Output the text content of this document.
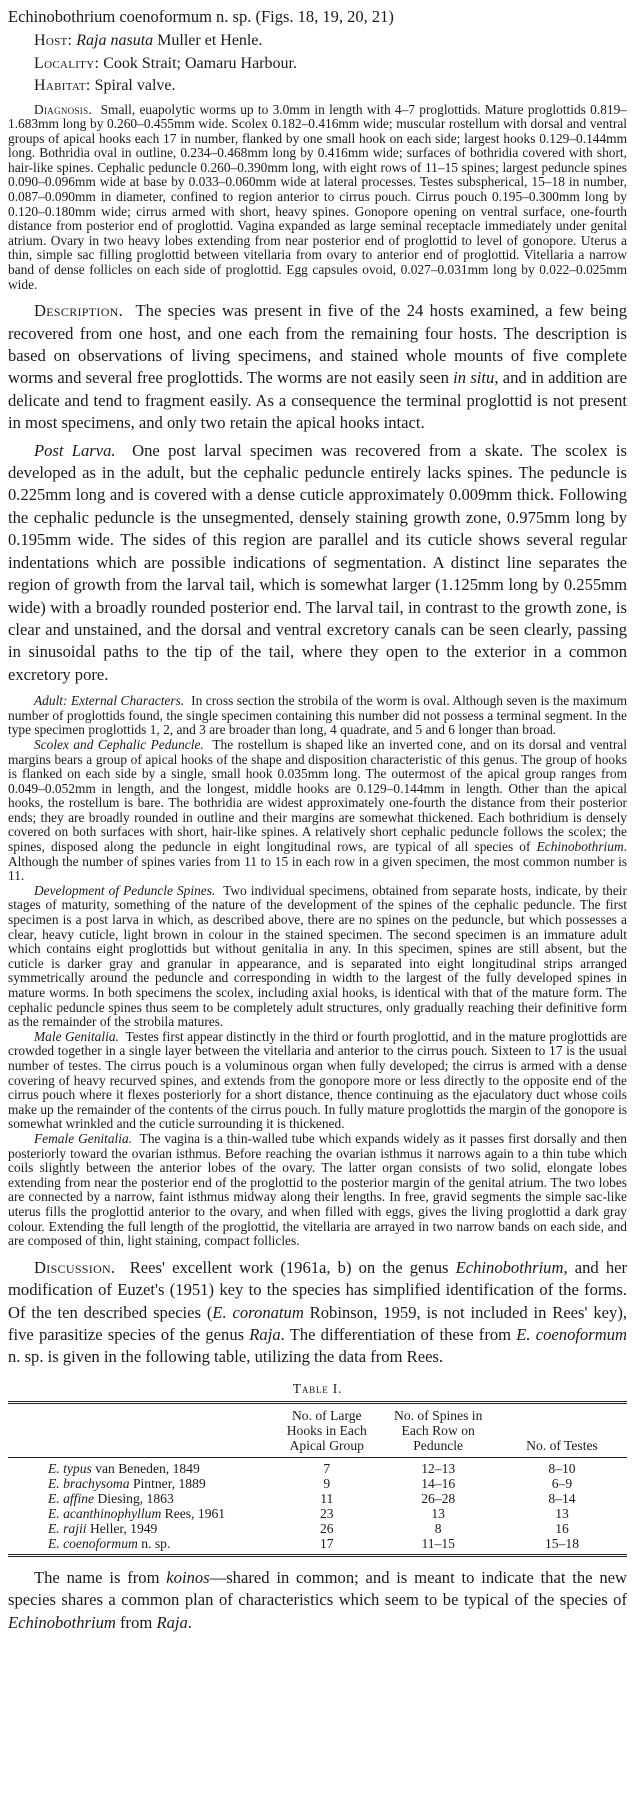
Echinobothrium coenoformum n. sp. (Figs. 18, 19, 20, 21)
Host: Raja nasuta Muller et Henle.
Locality: Cook Strait; Oamaru Harbour.
Habitat: Spiral valve.

Diagnosis. Small, euapolytic worms up to 3.0mm in length with 4–7 proglottids. Mature proglottids 0.819–1.683mm long by 0.260–0.455mm wide. Scolex 0.182–0.416mm wide; muscular rostellum with dorsal and ventral groups of apical hooks each 17 in number, flanked by one small hook on each side; largest hooks 0.129–0.144mm long. Bothridia oval in outline, 0.234–0.468mm long by 0.416mm wide; surfaces of bothridia covered with short, hair-like spines. Cephalic peduncle 0.260–0.390mm long, with eight rows of 11–15 spines; largest peduncle spines 0.090–0.096mm wide at base by 0.033–0.060mm wide at lateral processes. Testes subspherical, 15–18 in number, 0.087–0.090mm in diameter, confined to region anterior to cirrus pouch. Cirrus pouch 0.195–0.300mm long by 0.120–0.180mm wide; cirrus armed with short, heavy spines. Gonopore opening on ventral surface, one-fourth distance from posterior end of proglottid. Vagina expanded as large seminal receptacle immediately under genital atrium. Ovary in two heavy lobes extending from near posterior end of proglottid to level of gonopore. Uterus a thin, simple sac filling proglottid between vitellaria from ovary to anterior end of proglottid. Vitellaria a narrow band of dense follicles on each side of proglottid. Egg capsules ovoid, 0.027–0.031mm long by 0.022–0.025mm wide.

Description. The species was present in five of the 24 hosts examined, a few being recovered from one host, and one each from the remaining four hosts. The description is based on observations of living specimens, and stained whole mounts of five complete worms and several free proglottids. The worms are not easily seen in situ, and in addition are delicate and tend to fragment easily. As a consequence the terminal proglottid is not present in most specimens, and only two retain the apical hooks intact.

Post Larva. One post larval specimen was recovered from a skate. The scolex is developed as in the adult, but the cephalic peduncle entirely lacks spines. The peduncle is 0.225mm long and is covered with a dense cuticle approximately 0.009mm thick. Following the cephalic peduncle is the unsegmented, densely staining growth zone, 0.975mm long by 0.195mm wide. The sides of this region are parallel and its cuticle shows several regular indentations which are possible indications of segmentation. A distinct line separates the region of growth from the larval tail, which is somewhat larger (1.125mm long by 0.255mm wide) with a broadly rounded posterior end. The larval tail, in contrast to the growth zone, is clear and unstained, and the dorsal and ventral excretory canals can be seen clearly, passing in sinusoidal paths to the tip of the tail, where they open to the exterior in a common excretory pore.

Adult: External Characters. In cross section the strobila of the worm is oval. Although seven is the maximum number of proglottids found, the single specimen containing this number did not possess a terminal segment. In the type specimen proglottids 1, 2, and 3 are broader than long, 4 quadrate, and 5 and 6 longer than broad.

Scolex and Cephalic Peduncle. The rostellum is shaped like an inverted cone, and on its dorsal and ventral margins bears a group of apical hooks of the shape and disposition characteristic of this genus. The group of hooks is flanked on each side by a single, small hook 0.035mm long. The outermost of the apical group ranges from 0.049–0.052mm in length, and the longest, middle hooks are 0.129–0.144mm in length. Other than the apical hooks, the rostellum is bare. The bothridia are widest approximately one-fourth the distance from their posterior ends; they are broadly rounded in outline and their margins are somewhat thickened. Each bothridium is densely covered on both surfaces with short, hair-like spines. A relatively short cephalic peduncle follows the scolex; the spines, disposed along the peduncle in eight longitudinal rows, are typical of all species of Echinobothrium. Although the number of spines varies from 11 to 15 in each row in a given specimen, the most common number is 11.

Development of Peduncle Spines. Two individual specimens, obtained from separate hosts, indicate, by their stages of maturity, something of the nature of the development of the spines of the cephalic peduncle. The first specimen is a post larva in which, as described above, there are no spines on the peduncle, but which possesses a clear, heavy cuticle, light brown in colour in the stained specimen. The second specimen is an immature adult which contains eight proglottids but without genitalia in any. In this specimen, spines are still absent, but the cuticle is darker gray and granular in appearance, and is separated into eight longitudinal strips arranged symmetrically around the peduncle and corresponding in width to the largest of the fully developed spines in mature worms. In both specimens the scolex, including axial hooks, is identical with that of the mature form. The cephalic peduncle spines thus seem to be completely adult structures, only gradually reaching their definitive form as the remainder of the strobila matures.

Male Genitalia. Testes first appear distinctly in the third or fourth proglottid, and in the mature proglottids are crowded together in a single layer between the vitellaria and anterior to the cirrus pouch. Sixteen to 17 is the usual number of testes. The cirrus pouch is a voluminous organ when fully developed; the cirrus is armed with a dense covering of heavy recurved spines, and extends from the gonopore more or less directly to the opposite end of the cirrus pouch where it flexes posteriorly for a short distance, thence continuing as the ejaculatory duct whose coils make up the remainder of the contents of the cirrus pouch. In fully mature proglottids the margin of the gonopore is somewhat wrinkled and the cuticle surrounding it is thickened.

Female Genitalia. The vagina is a thin-walled tube which expands widely as it passes first dorsally and then posteriorly toward the ovarian isthmus. Before reaching the ovarian isthmus it narrows again to a thin tube which coils slightly between the anterior lobes of the ovary. The latter organ consists of two solid, elongate lobes extending from near the posterior end of the proglottid to the posterior margin of the genital atrium. The two lobes are connected by a narrow, faint isthmus midway along their lengths. In free, gravid segments the simple sac-like uterus fills the proglottid anterior to the ovary, and when filled with eggs, gives the living proglottid a dark gray colour. Extending the full length of the proglottid, the vitellaria are arrayed in two narrow bands on each side, and are composed of thin, light staining, compact follicles.

Discussion. Rees' excellent work (1961a, b) on the genus Echinobothrium, and her modification of Euzet's (1951) key to the species has simplified identification of the forms. Of the ten described species (E. coronatum Robinson, 1959, is not included in Rees' key), five parasitize species of the genus Raja. The differentiation of these from E. coenoformum n. sp. is given in the following table, utilizing the data from Rees.

Table I.

	No. of Large Hooks in Each Apical Group	No. of Spines in Each Row on Peduncle	No. of Testes

E. typus van Beneden, 1849	7	12–13	8–10
E. brachysoma Pintner, 1889	9	14–16	6–9
E. affine Diesing, 1863	11	26–28	8–14
E. acanthinophyllum Rees, 1961	23	13	13
E. rajii Heller, 1949	26	8	16
E. coenoformum n. sp.	17	11–15	15–18

The name is from koinos—shared in common; and is meant to indicate that the new species shares a common plan of characteristics which seem to be typical of the species of Echinobothrium from Raja.
